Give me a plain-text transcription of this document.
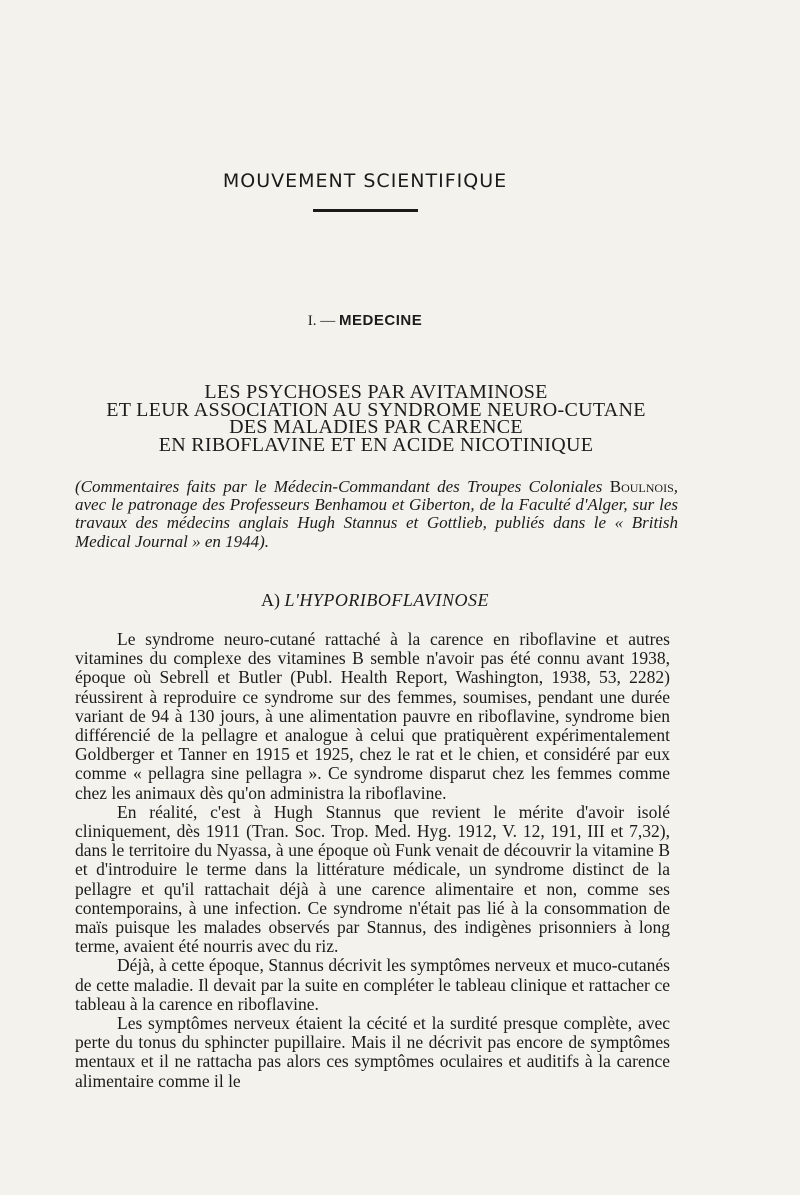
MOUVEMENT SCIENTIFIQUE
I. — MEDECINE
LES PSYCHOSES PAR AVITAMINOSE
ET LEUR ASSOCIATION AU SYNDROME NEURO-CUTANE
DES MALADIES PAR CARENCE
EN RIBOFLAVINE ET EN ACIDE NICOTINIQUE
(Commentaires faits par le Médecin-Commandant des Troupes Coloniales Boulnois, avec le patronage des Professeurs Benhamou et Giberton, de la Faculté d'Alger, sur les travaux des médecins anglais Hugh Stannus et Gottlieb, publiés dans le « British Medical Journal » en 1944).
A) L'HYPORIBOFLAVINOSE

Le syndrome neuro-cutané rattaché à la carence en riboflavine et autres vitamines du complexe des vitamines B semble n'avoir pas été connu avant 1938, époque où Sebrell et Butler (Publ. Health Report, Washington, 1938, 53, 2282) réussirent à reproduire ce syndrome sur des femmes, soumises, pendant une durée variant de 94 à 130 jours, à une alimentation pauvre en riboflavine, syndrome bien différencié de la pellagre et analogue à celui que pratiquèrent expérimentalement Goldberger et Tanner en 1915 et 1925, chez le rat et le chien, et considéré par eux comme « pellagra sine pellagra ». Ce syndrome disparut chez les femmes comme chez les animaux dès qu'on administra la riboflavine.

En réalité, c'est à Hugh Stannus que revient le mérite d'avoir isolé cliniquement, dès 1911 (Tran. Soc. Trop. Med. Hyg. 1912, V. 12, 191, III et 7,32), dans le territoire du Nyassa, à une époque où Funk venait de découvrir la vitamine B et d'introduire le terme dans la littérature médicale, un syndrome distinct de la pellagre et qu'il rattachait déjà à une carence alimentaire et non, comme ses contemporains, à une infection. Ce syndrome n'était pas lié à la consommation de maïs puisque les malades observés par Stannus, des indigènes prisonniers à long terme, avaient été nourris avec du riz.

Déjà, à cette époque, Stannus décrivit les symptômes nerveux et muco-cutanés de cette maladie. Il devait par la suite en compléter le tableau clinique et rattacher ce tableau à la carence en riboflavine.

Les symptômes nerveux étaient la cécité et la surdité presque complète, avec perte du tonus du sphincter pupillaire. Mais il ne décrivit pas encore de symptômes mentaux et il ne rattacha pas alors ces symptômes oculaires et auditifs à la carence alimentaire comme il le
